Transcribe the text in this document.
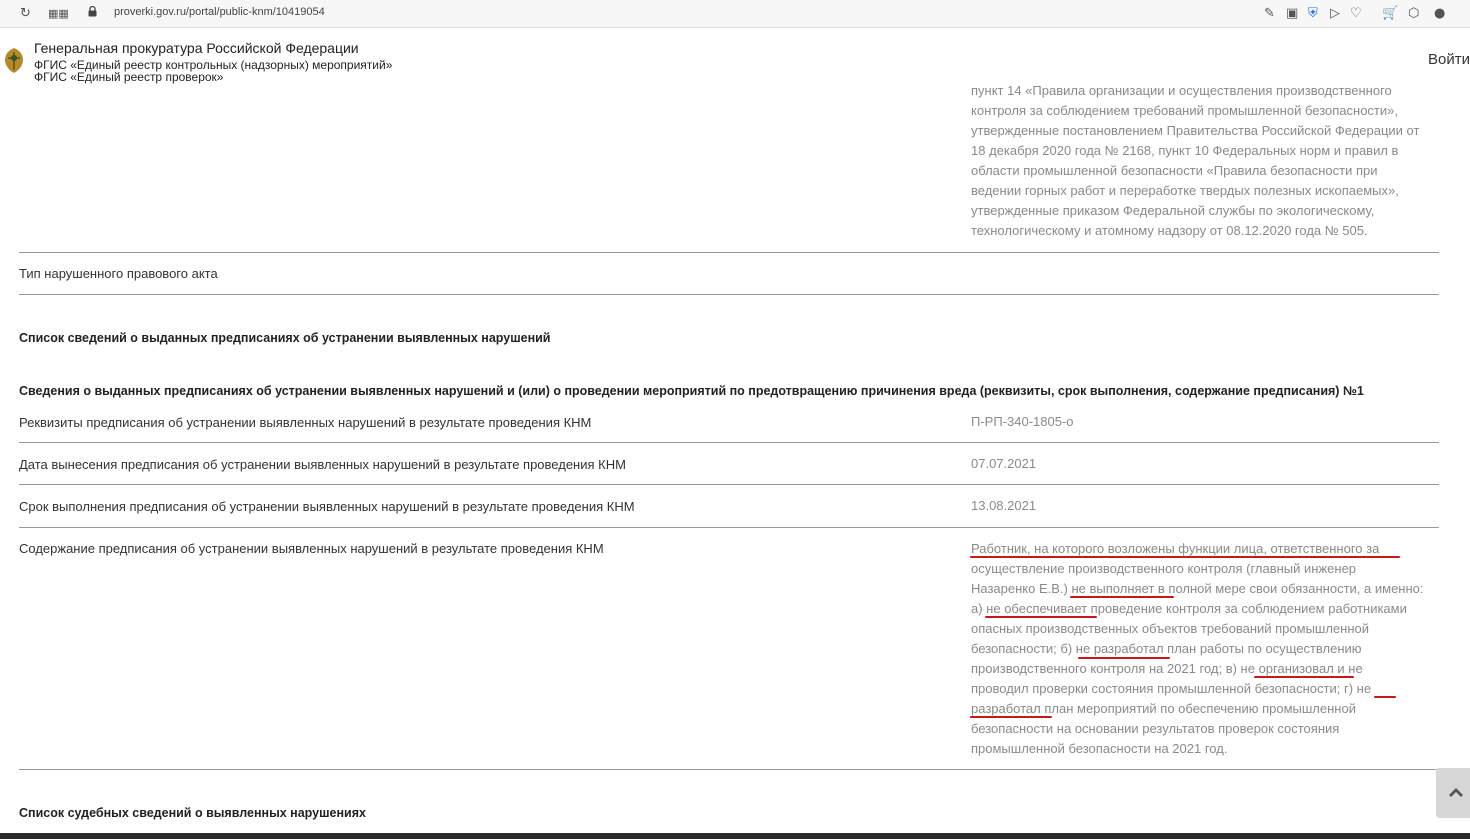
↻ ▦▦	proverki.gov.ru/portal/public-knm/10419054	✎ ▣ ⛨ ▷ ♡ 🛒 ⬡ ●
Генеральная прокуратура Российской Федерации
ФГИС «Единый реестр контрольных (надзорных) мероприятий»
ФГИС «Единый реестр проверок»
Войти
пункт 14 «Правила организации и осуществления производственного
контроля за соблюдением требований промышленной безопасности»,
утвержденные постановлением Правительства Российской Федерации от
18 декабря 2020 года № 2168, пункт 10 Федеральных норм и правил в
области промышленной безопасности «Правила безопасности при
ведении горных работ и переработке твердых полезных ископаемых»,
утвержденные приказом Федеральной службы по экологическому,
технологическому и атомному надзору от 08.12.2020 года № 505.
Тип нарушенного правового акта
Список сведений о выданных предписаниях об устранении выявленных нарушений
Сведения о выданных предписаниях об устранении выявленных нарушений и (или) о проведении мероприятий по предотвращению причинения вреда (реквизиты, срок выполнения, содержание предписания) №1
Реквизиты предписания об устранении выявленных нарушений в результате проведения КНМ	П-РП-340-1805-о
Дата вынесения предписания об устранении выявленных нарушений в результате проведения КНМ	07.07.2021
Срок выполнения предписания об устранении выявленных нарушений в результате проведения КНМ	13.08.2021
Содержание предписания об устранении выявленных нарушений в результате проведения КНМ	Работник, на которого возложены функции лица, ответственного за
осуществление производственного контроля (главный инженер
Назаренко Е.В.) не выполняет в полной мере свои обязанности, а именно:
а) не обеспечивает проведение контроля за соблюдением работниками
опасных производственных объектов требований промышленной
безопасности; б) не разработал план работы по осуществлению
производственного контроля на 2021 год; в) не организовал и не
проводил проверки состояния промышленной безопасности; г) не
разработал план мероприятий по обеспечению промышленной
безопасности на основании результатов проверок состояния
промышленной безопасности на 2021 год.
Список судебных сведений о выявленных нарушениях
